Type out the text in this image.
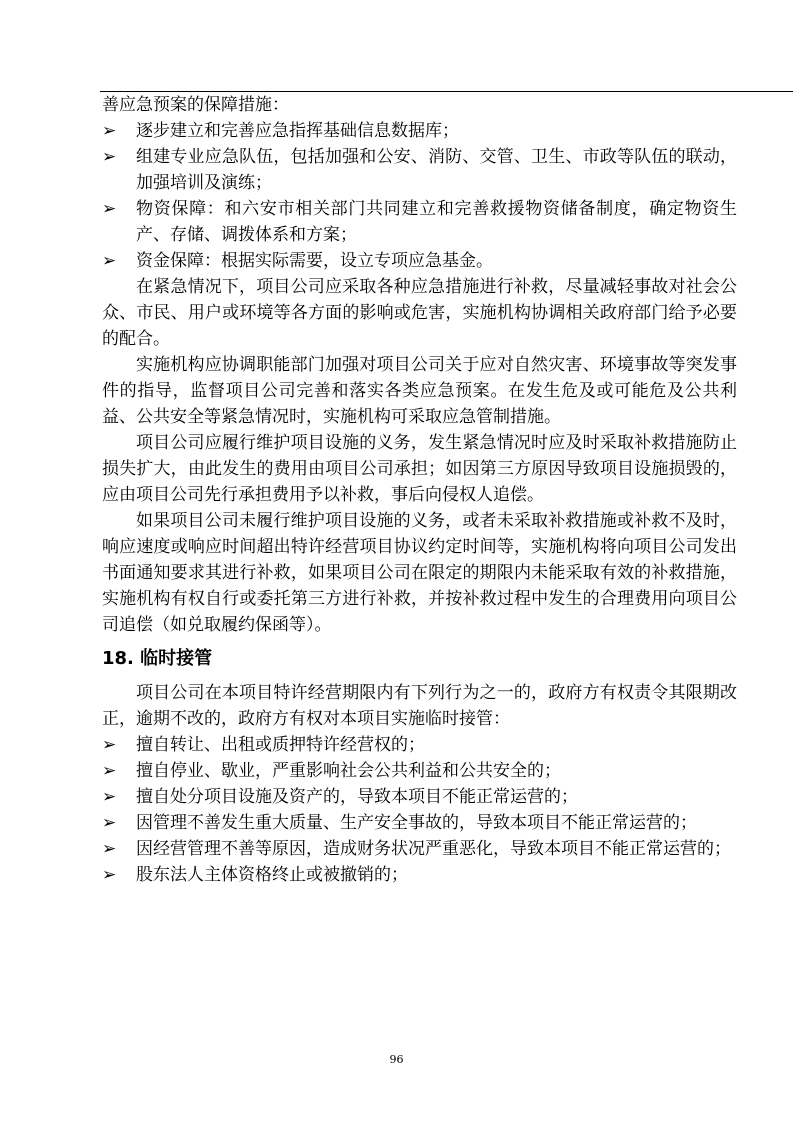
善应急预案的保障措施：
➢	逐步建立和完善应急指挥基础信息数据库；
➢	组建专业应急队伍，包括加强和公安、消防、交管、卫生、市政等队伍的联动，加强培训及演练；
➢	物资保障：和六安市相关部门共同建立和完善救援物资储备制度，确定物资生产、存储、调拨体系和方案；
➢	资金保障：根据实际需要，设立专项应急基金。

在紧急情况下，项目公司应采取各种应急措施进行补救，尽量减轻事故对社会公众、市民、用户或环境等各方面的影响或危害，实施机构协调相关政府部门给予必要的配合。

实施机构应协调职能部门加强对项目公司关于应对自然灾害、环境事故等突发事件的指导，监督项目公司完善和落实各类应急预案。在发生危及或可能危及公共利益、公共安全等紧急情况时，实施机构可采取应急管制措施。

项目公司应履行维护项目设施的义务，发生紧急情况时应及时采取补救措施防止损失扩大，由此发生的费用由项目公司承担；如因第三方原因导致项目设施损毁的，应由项目公司先行承担费用予以补救，事后向侵权人追偿。

如果项目公司未履行维护项目设施的义务，或者未采取补救措施或补救不及时，响应速度或响应时间超出特许经营项目协议约定时间等，实施机构将向项目公司发出书面通知要求其进行补救，如果项目公司在限定的期限内未能采取有效的补救措施，实施机构有权自行或委托第三方进行补救，并按补救过程中发生的合理费用向项目公司追偿（如兑取履约保函等）。

18. 临时接管

项目公司在本项目特许经营期限内有下列行为之一的，政府方有权责令其限期改正，逾期不改的，政府方有权对本项目实施临时接管：

➢	擅自转让、出租或质押特许经营权的；
➢	擅自停业、歇业，严重影响社会公共利益和公共安全的；
➢	擅自处分项目设施及资产的，导致本项目不能正常运营的；
➢	因管理不善发生重大质量、生产安全事故的，导致本项目不能正常运营的；
➢	因经营管理不善等原因，造成财务状况严重恶化，导致本项目不能正常运营的；
➢	股东法人主体资格终止或被撤销的；
96
